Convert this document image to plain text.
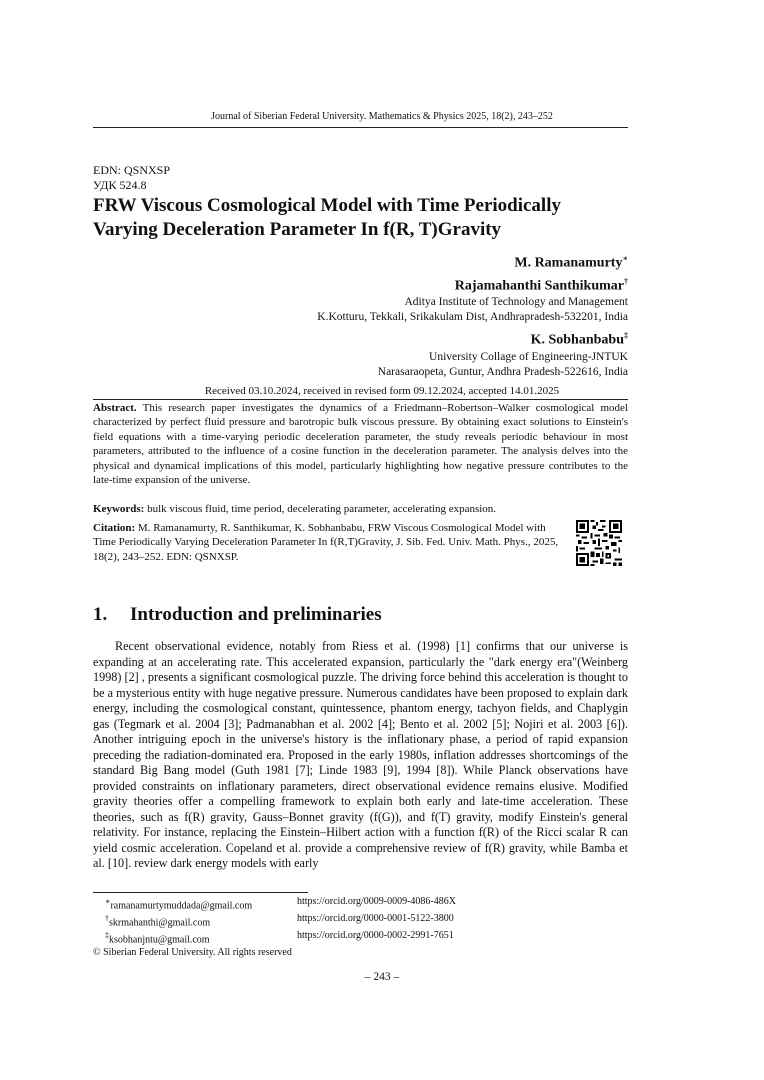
Journal of Siberian Federal University. Mathematics & Physics 2025, 18(2), 243–252
EDN: QSNXSP
УДК 524.8
FRW Viscous Cosmological Model with Time Periodically
Varying Deceleration Parameter In f(R, T)Gravity
M. Ramanamurty∗
Rajamahanthi Santhikumar†
Aditya Institute of Technology and Management
K.Kotturu, Tekkali, Srikakulam Dist, Andhrapradesh-532201, India
K. Sobhanbabu‡
University Collage of Engineering-JNTUK
Narasaraopeta, Guntur, Andhra Pradesh-522616, India
Received 03.10.2024, received in revised form 09.12.2024, accepted 14.01.2025
Abstract. This research paper investigates the dynamics of a Friedmann–Robertson–Walker cosmological model characterized by perfect fluid pressure and barotropic bulk viscous pressure. By obtaining exact solutions to Einstein's field equations with a time-varying periodic deceleration parameter, the study reveals periodic behaviour in most parameters, attributed to the influence of a cosine function in the deceleration parameter. The analysis delves into the physical and dynamical implications of this model, particularly highlighting how negative pressure contributes to the late-time expansion of the universe.
Keywords: bulk viscous fluid, time period, decelerating parameter, accelerating expansion.
Citation: M. Ramanamurty, R. Santhikumar, K. Sobhanbabu, FRW Viscous Cosmological Model with Time Periodically Varying Deceleration Parameter In f(R,T)Gravity, J. Sib. Fed. Univ. Math. Phys., 2025, 18(2), 243–252. EDN: QSNXSP.
1. Introduction and preliminaries
Recent observational evidence, notably from Riess et al. (1998) [1] confirms that our universe is expanding at an accelerating rate. This accelerated expansion, particularly the "dark energy era"(Weinberg 1998) [2] , presents a significant cosmological puzzle. The driving force behind this acceleration is thought to be a mysterious entity with huge negative pressure. Numerous candidates have been proposed to explain dark energy, including the cosmological constant, quintessence, phantom energy, tachyon fields, and Chaplygin gas (Tegmark et al. 2004 [3]; Padmanabhan et al. 2002 [4]; Bento et al. 2002 [5]; Nojiri et al. 2003 [6]). Another intriguing epoch in the universe's history is the inflationary phase, a period of rapid expansion preceding the radiation-dominated era. Proposed in the early 1980s, inflation addresses shortcomings of the standard Big Bang model (Guth 1981 [7]; Linde 1983 [9], 1994 [8]). While Planck observations have provided constraints on inflationary parameters, direct observational evidence remains elusive. Modified gravity theories offer a compelling framework to explain both early and late-time acceleration. These theories, such as f(R) gravity, Gauss–Bonnet gravity (f(G)), and f(T) gravity, modify Einstein's general relativity. For instance, replacing the Einstein–Hilbert action with a function f(R) of the Ricci scalar R can yield cosmic acceleration. Copeland et al. provide a comprehensive review of f(R) gravity, while Bamba et al. [10]. review dark energy models with early
∗ramanamurtymuddada@gmail.com	https://orcid.org/0009-0009-4086-486X
†skrmahanthi@gmail.com	https://orcid.org/0000-0001-5122-3800
‡ksobhanjntu@gmail.com	https://orcid.org/0000-0002-2991-7651
© Siberian Federal University. All rights reserved
– 243 –
